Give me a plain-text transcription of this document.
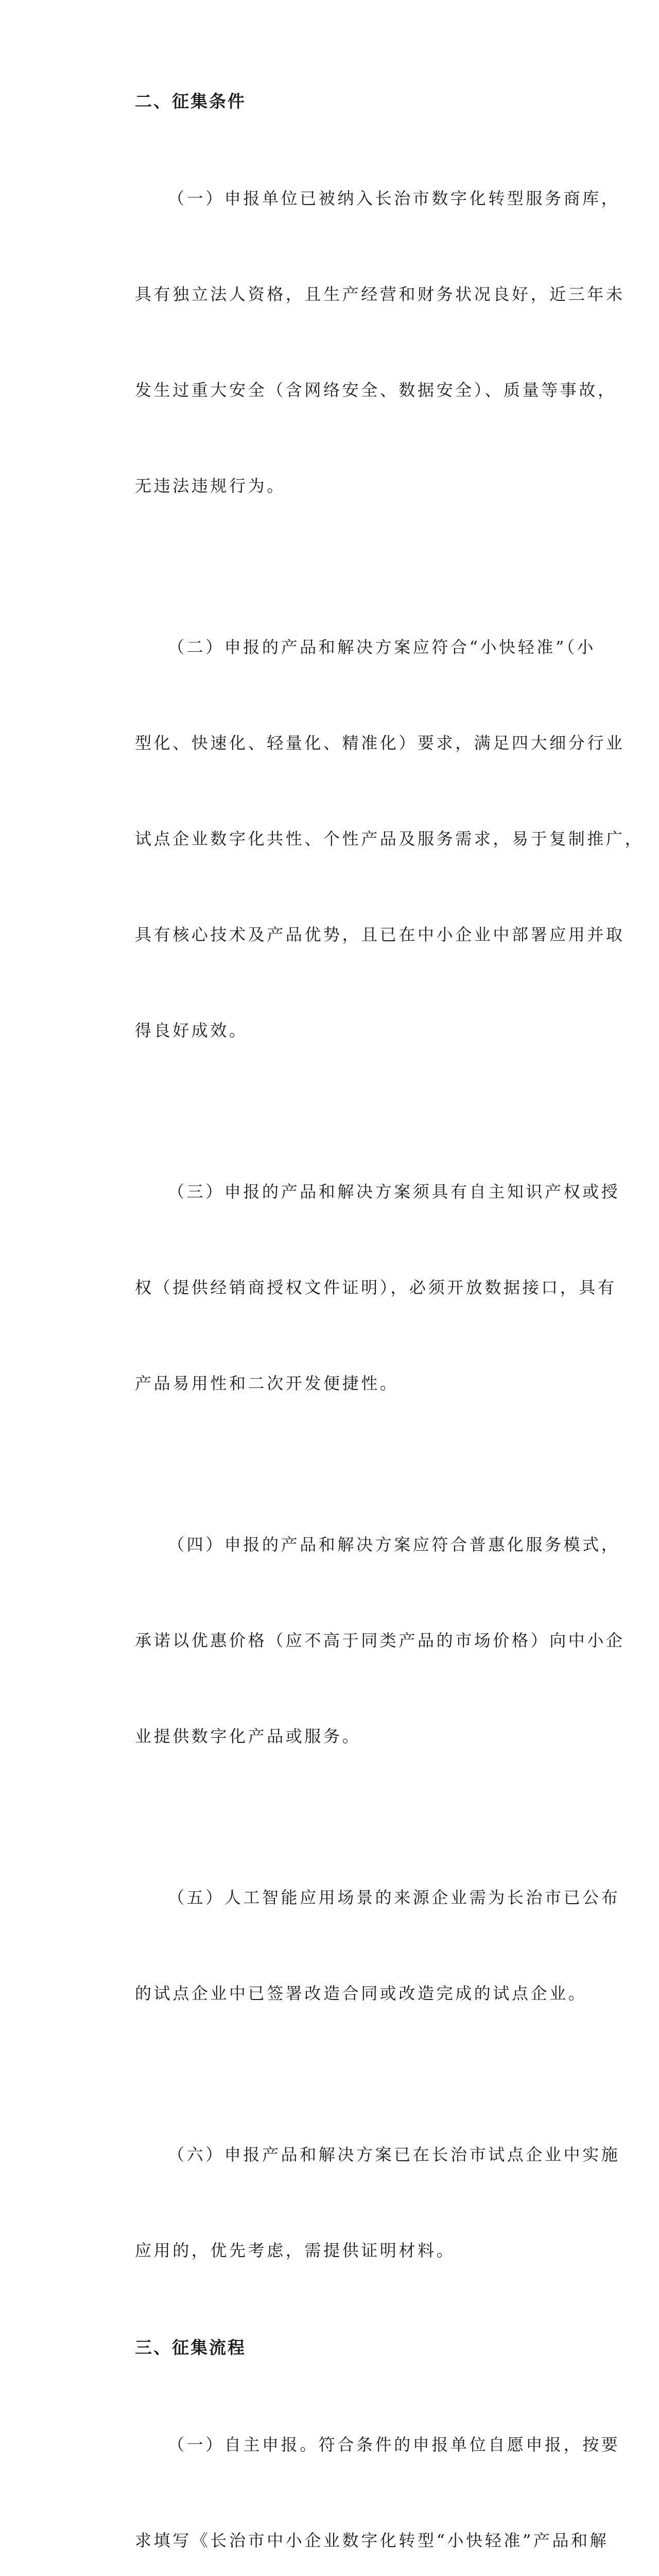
二、征集条件

（一）申报单位已被纳入长治市数字化转型服务商库，

具有独立法人资格，且生产经营和财务状况良好，近三年未

发生过重大安全（含网络安全、数据安全）、质量等事故，

无违法违规行为。

（二）申报的产品和解决方案应符合“小快轻准”（小

型化、快速化、轻量化、精准化）要求，满足四大细分行业

试点企业数字化共性、个性产品及服务需求，易于复制推广，

具有核心技术及产品优势，且已在中小企业中部署应用并取

得良好成效。

（三）申报的产品和解决方案须具有自主知识产权或授

权（提供经销商授权文件证明），必须开放数据接口，具有

产品易用性和二次开发便捷性。

（四）申报的产品和解决方案应符合普惠化服务模式，

承诺以优惠价格（应不高于同类产品的市场价格）向中小企

业提供数字化产品或服务。

（五）人工智能应用场景的来源企业需为长治市已公布

的试点企业中已签署改造合同或改造完成的试点企业。

（六）申报产品和解决方案已在长治市试点企业中实施

应用的，优先考虑，需提供证明材料。

三、征集流程

（一）自主申报。符合条件的申报单位自愿申报，按要

求填写《长治市中小企业数字化转型“小快轻准”产品和解
